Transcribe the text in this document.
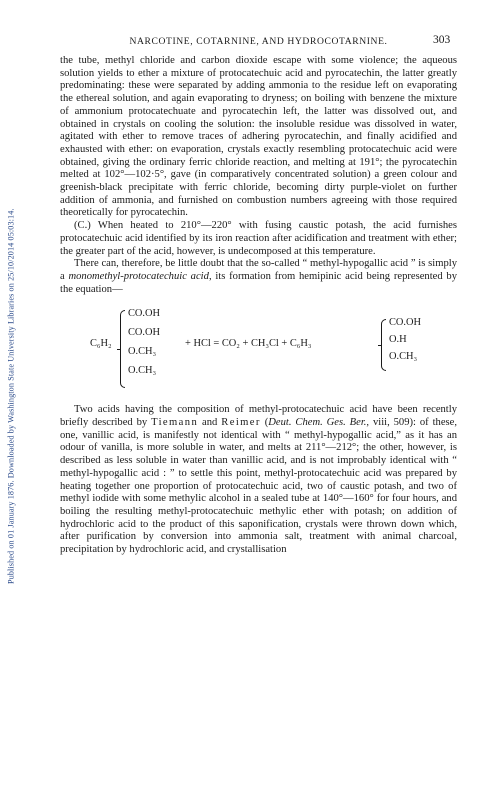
Published on 01 January 1876. Downloaded by Washington State University Libraries on 25/10/2014 05:03:14.
NARCOTINE, COTARNINE, AND HYDROCOTARNINE.	303

the tube, methyl chloride and carbon dioxide escape with some violence; the aqueous solution yields to ether a mixture of protocatechuic acid and pyrocatechin, the latter greatly predominating: these were separated by adding ammonia to the residue left on evaporating the ethereal solution, and again evaporating to dryness; on boiling with benzene the mixture of ammonium protocatechuate and pyrocatechin left, the latter was dissolved out, and obtained in crystals on cooling the solution: the insoluble residue was dissolved in water, agitated with ether to remove traces of adhering pyrocatechin, and finally acidified and exhausted with ether: on evaporation, crystals exactly resembling protocatechuic acid were obtained, giving the ordinary ferric chloride reaction, and melting at 191°; the pyrocatechin melted at 102°—102·5°, gave (in comparatively concentrated solution) a green colour and greenish-black precipitate with ferric chloride, becoming dirty purple-violet on further addition of ammonia, and furnished on combustion numbers agreeing with those required theoretically for pyrocatechin.

(C.) When heated to 210°—220° with fusing caustic potash, the acid furnishes protocatechuic acid identified by its iron reaction after acidification and treatment with ether; the greater part of the acid, however, is undecomposed at this temperature.

There can, therefore, be little doubt that the so-called “ methyl-hypogallic acid ” is simply a monomethyl-protocatechuic acid, its formation from hemipinic acid being represented by the equation—

C₆H₂
CO.OH
CO.OH
O.CH₃
O.CH₃
+ HCl = CO₂ + CH₃Cl + C₆H₃
CO.OH
O.H
O.CH₃

Two acids having the composition of methyl-protocatechuic acid have been recently briefly described by Tiemann and Reimer (Deut. Chem. Ges. Ber., viii, 509): of these, one, vanillic acid, is manifestly not identical with “ methyl-hypogallic acid,” as it has an odour of vanilla, is more soluble in water, and melts at 211°—212°; the other, however, is described as less soluble in water than vanillic acid, and is not improbably identical with “ methyl-hypogallic acid : ” to settle this point, methyl-protocatechuic acid was prepared by heating together one proportion of protocatechuic acid, two of caustic potash, and two of methyl iodide with some methylic alcohol in a sealed tube at 140°—160° for four hours, and boiling the resulting methyl-protocatechuic methylic ether with potash; on addition of hydrochloric acid to the product of this saponification, crystals were thrown down which, after purification by conversion into ammonia salt, treatment with animal charcoal, precipitation by hydrochloric acid, and crystallisation
